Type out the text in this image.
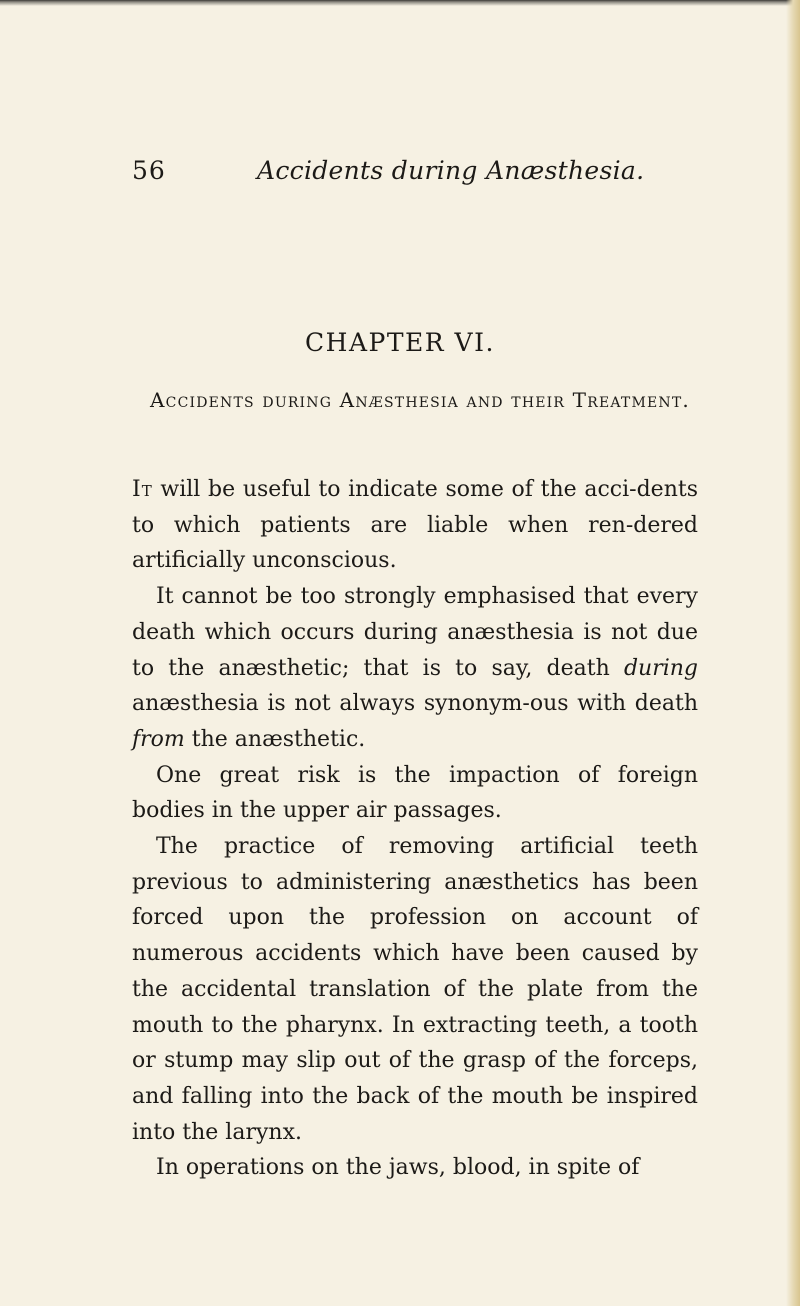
56	Accidents during Anæsthesia.
CHAPTER VI.
Accidents during Anæsthesia and their Treatment.

It will be useful to indicate some of the acci-dents to which patients are liable when ren-dered artificially unconscious.

It cannot be too strongly emphasised that every death which occurs during anæsthesia is not due to the anæsthetic; that is to say, death during anæsthesia is not always synonym-ous with death from the anæsthetic.

One great risk is the impaction of foreign bodies in the upper air passages.

The practice of removing artificial teeth previous to administering anæsthetics has been forced upon the profession on account of numerous accidents which have been caused by the accidental translation of the plate from the mouth to the pharynx. In extracting teeth, a tooth or stump may slip out of the grasp of the forceps, and falling into the back of the mouth be inspired into the larynx.

In operations on the jaws, blood, in spite of
